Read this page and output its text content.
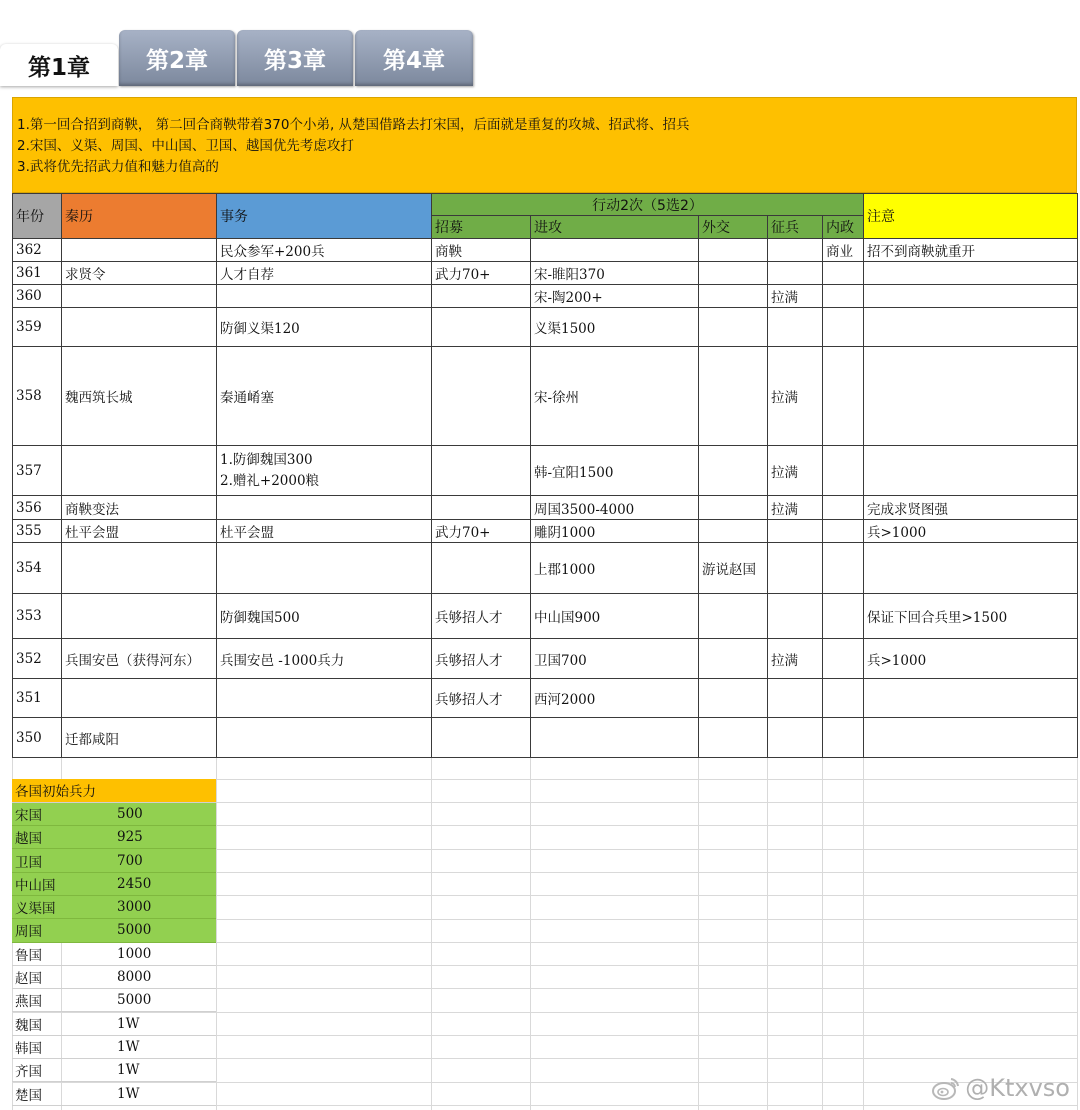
第1章	第2章	第3章	第4章
1.第一回合招到商鞅， 第二回合商鞅带着370个小弟, 从楚国借路去打宋国，后面就是重复的攻城、招武将、招兵
2.宋国、义渠、周国、中山国、卫国、越国优先考虑攻打
3.武将优先招武力值和魅力值高的
年份	秦历	事务	行动2次（5选2）					注意
			招募	进攻	外交	征兵	内政	
362		民众参军+200兵	商鞅				商业	招不到商鞅就重开
361	求贤令	人才自荐	武力70+	宋-睢阳370				
360				宋-陶200+		拉满		
359		防御义渠120		义渠1500				
358	魏西筑长城	秦通崤塞		宋-徐州		拉满		
357		1.防御魏国300
2.赠礼+2000粮		韩-宜阳1500		拉满		
356	商鞅变法			周国3500-4000		拉满		完成求贤图强
355	杜平会盟	杜平会盟	武力70+	雕阴1000				兵>1000
354				上郡1000	游说赵国			
353		防御魏国500	兵够招人才	中山国900				保证下回合兵里>1500
352	兵围安邑（获得河东）	兵围安邑 -1000兵力	兵够招人才	卫国700		拉满		兵>1000
351			兵够招人才	西河2000				
350	迁都咸阳							
各国初始兵力	
宋国	500
越国	925
卫国	700
中山国	2450
义渠国	3000
周国	5000
鲁国	1000
赵国	8000
燕国	5000
魏国	1W
韩国	1W
齐国	1W
楚国	1W	@Ktxvso
